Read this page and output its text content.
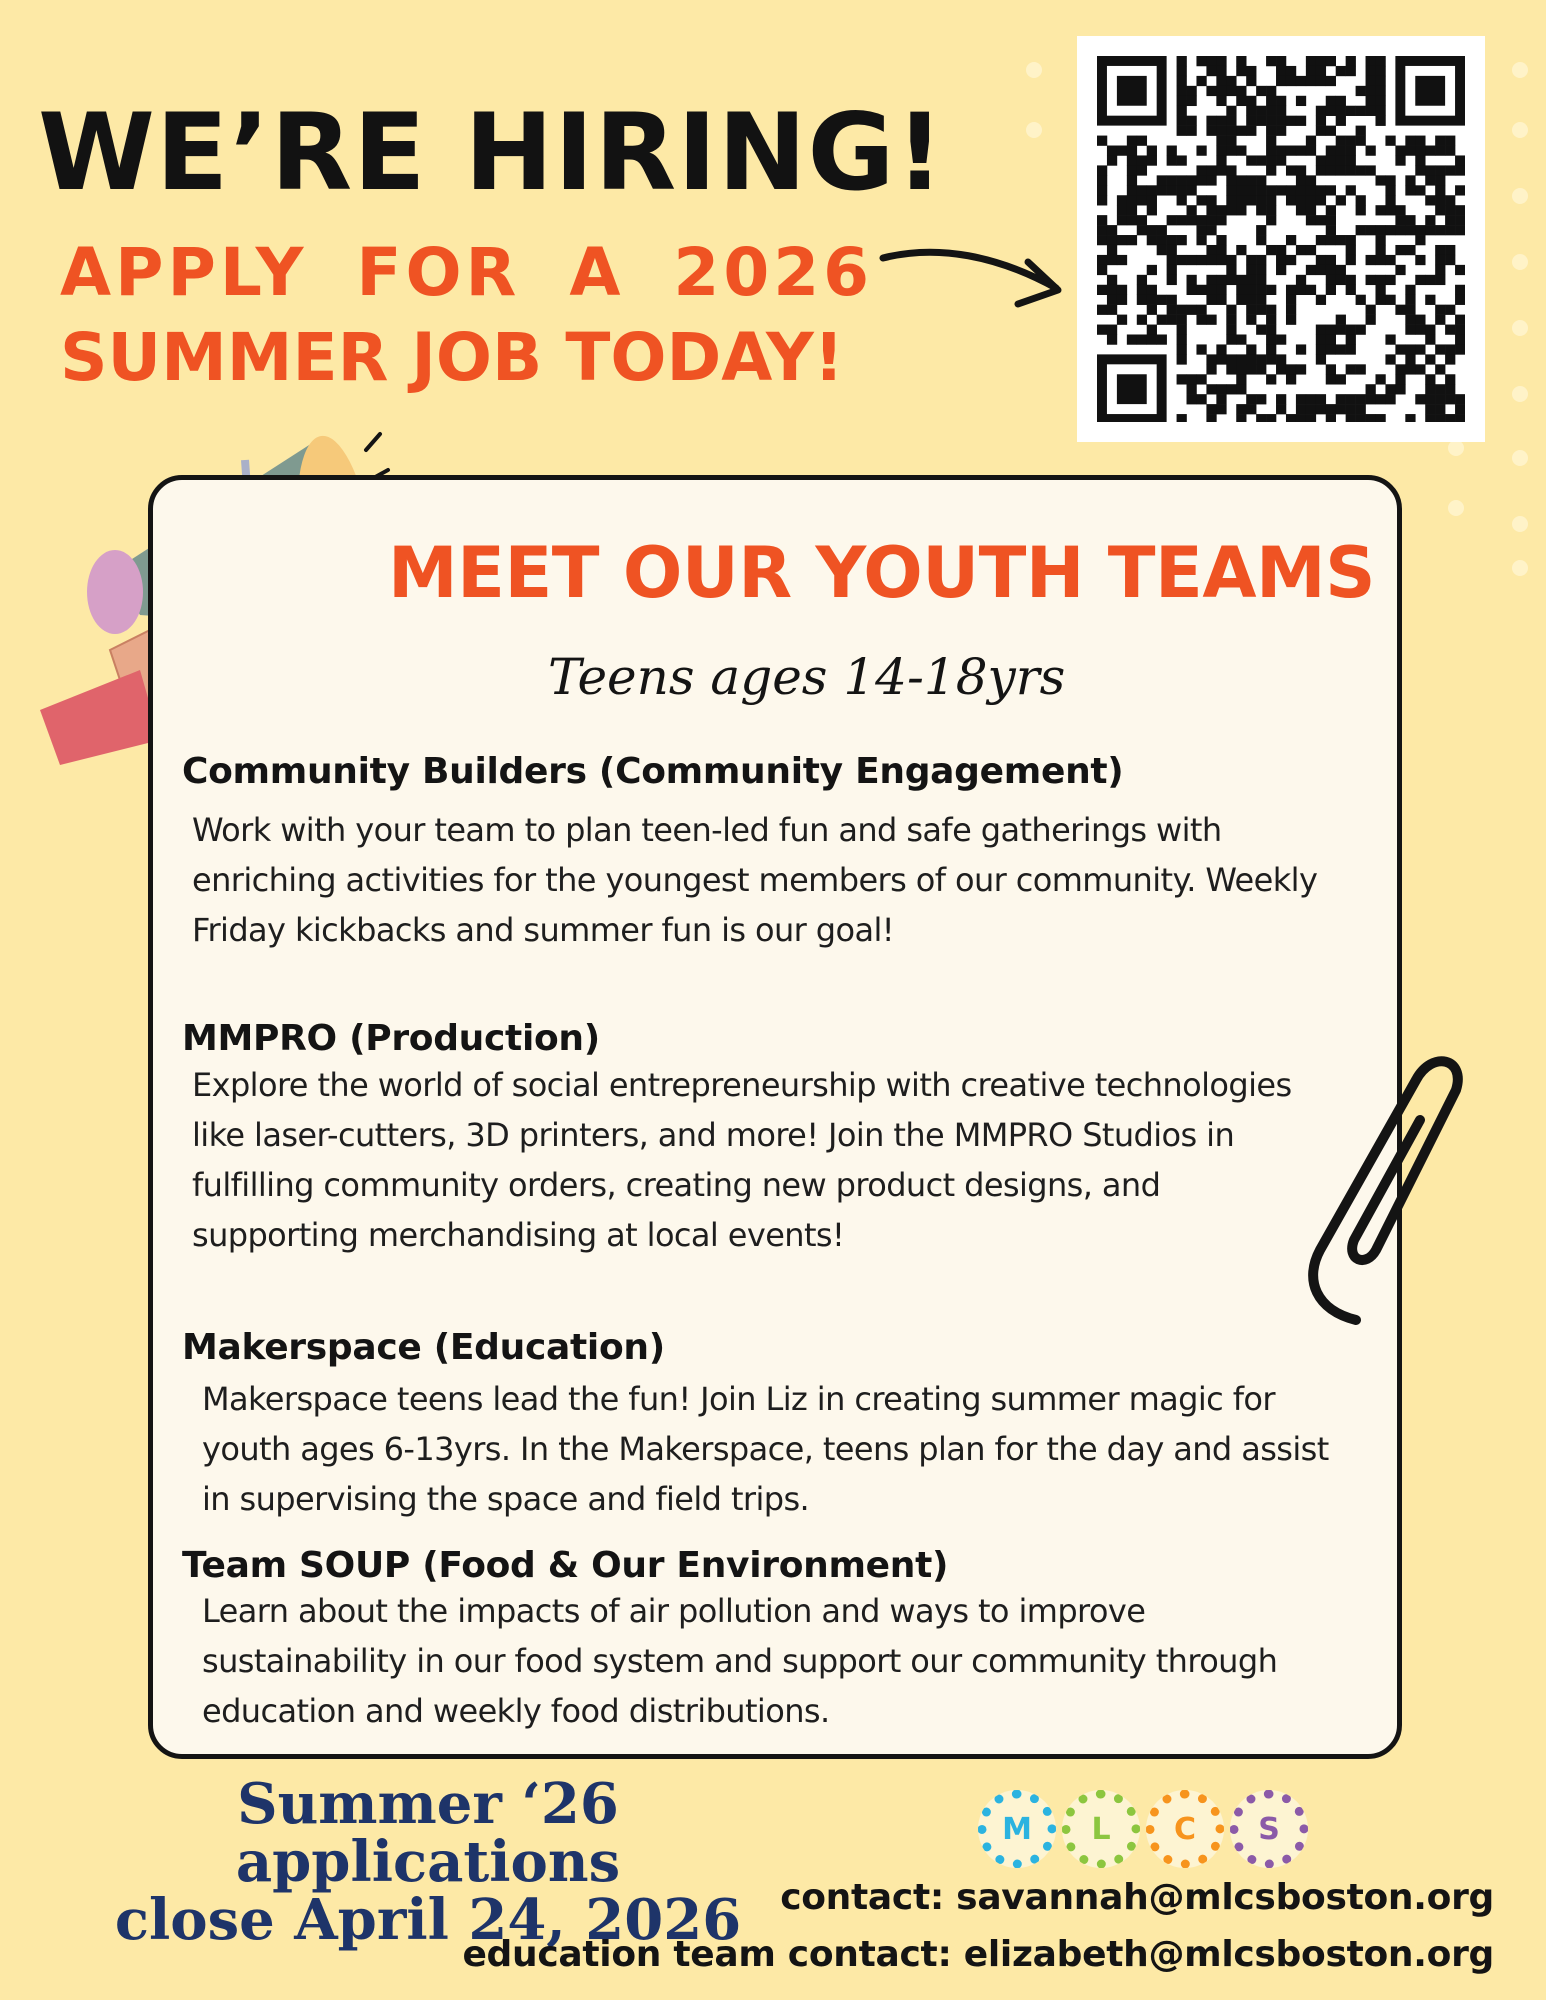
WE’RE HIRING!
APPLY FOR A 2026
SUMMER JOB TODAY!
MEET OUR YOUTH TEAMS
Teens ages 14-18yrs
Community Builders (Community Engagement)

Work with your team to plan teen-led fun and safe gatherings with enriching activities for the youngest members of our community. Weekly Friday kickbacks and summer fun is our goal!

MMPRO (Production)

Explore the world of social entrepreneurship with creative technologies like laser-cutters, 3D printers, and more! Join the MMPRO Studios in fulfilling community orders, creating new product designs, and supporting merchandising at local events!

Makerspace (Education)

Makerspace teens lead the fun! Join Liz in creating summer magic for youth ages 6-13yrs. In the Makerspace, teens plan for the day and assist in supervising the space and field trips.

Team SOUP (Food & Our Environment)

Learn about the impacts of air pollution and ways to improve sustainability in our food system and support our community through education and weekly food distributions.

Summer ‘26 applications
close April 24, 2026
M L C S

contact: savannah@mlcsboston.org

education team contact: elizabeth@mlcsboston.org
